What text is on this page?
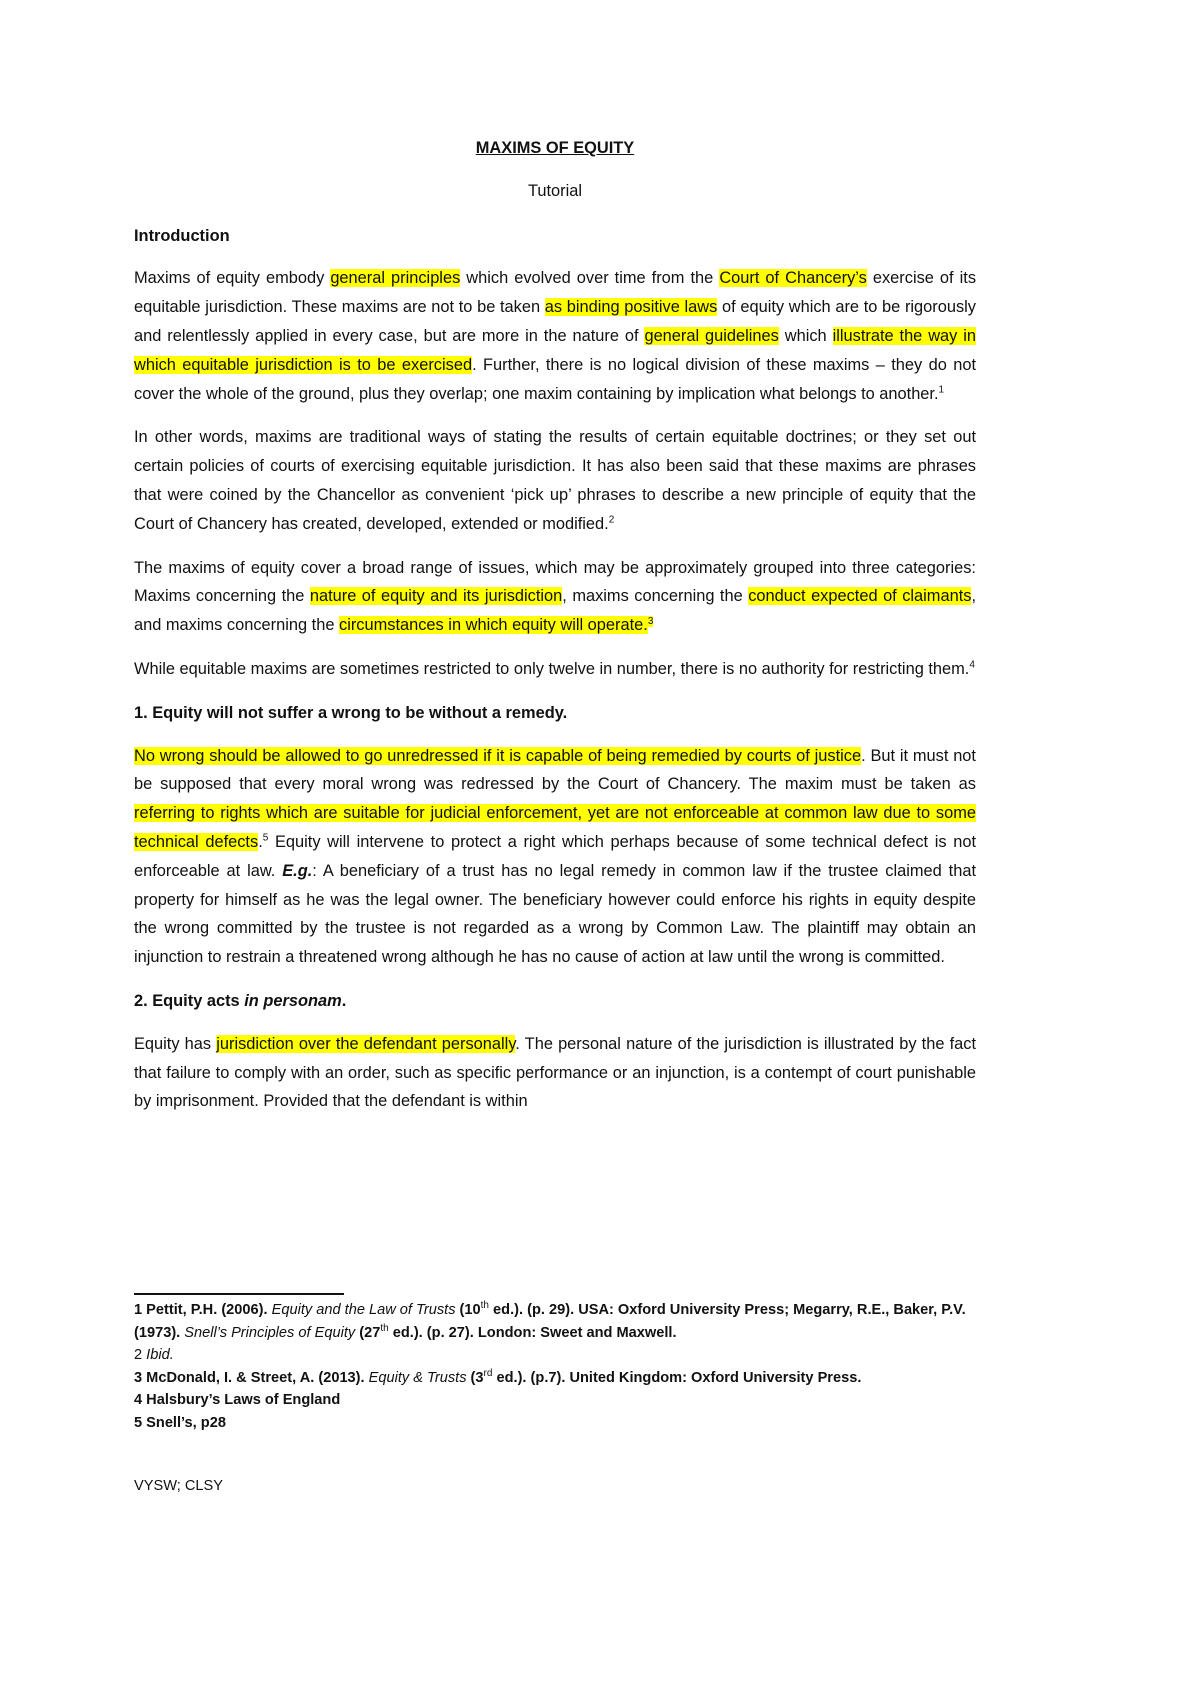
MAXIMS OF EQUITY
Tutorial
Introduction
Maxims of equity embody general principles which evolved over time from the Court of Chancery’s exercise of its equitable jurisdiction. These maxims are not to be taken as binding positive laws of equity which are to be rigorously and relentlessly applied in every case, but are more in the nature of general guidelines which illustrate the way in which equitable jurisdiction is to be exercised. Further, there is no logical division of these maxims – they do not cover the whole of the ground, plus they overlap; one maxim containing by implication what belongs to another.$^1$
In other words, maxims are traditional ways of stating the results of certain equitable doctrines; or they set out certain policies of courts of exercising equitable jurisdiction. It has also been said that these maxims are phrases that were coined by the Chancellor as convenient ‘pick up’ phrases to describe a new principle of equity that the Court of Chancery has created, developed, extended or modified.$^2$
The maxims of equity cover a broad range of issues, which may be approximately grouped into three categories: Maxims concerning the nature of equity and its jurisdiction, maxims concerning the conduct expected of claimants, and maxims concerning the circumstances in which equity will operate.$^3$
While equitable maxims are sometimes restricted to only twelve in number, there is no authority for restricting them.$^4$
1. Equity will not suffer a wrong to be without a remedy.
No wrong should be allowed to go unredressed if it is capable of being remedied by courts of justice. But it must not be supposed that every moral wrong was redressed by the Court of Chancery. The maxim must be taken as referring to rights which are suitable for judicial enforcement, yet are not enforceable at common law due to some technical defects.$^5$ Equity will intervene to protect a right which perhaps because of some technical defect is not enforceable at law. E.g.: A beneficiary of a trust has no legal remedy in common law if the trustee claimed that property for himself as he was the legal owner. The beneficiary however could enforce his rights in equity despite the wrong committed by the trustee is not regarded as a wrong by Common Law. The plaintiff may obtain an injunction to restrain a threatened wrong although he has no cause of action at law until the wrong is committed.
2. Equity acts in personam.
Equity has jurisdiction over the defendant personally. The personal nature of the jurisdiction is illustrated by the fact that failure to comply with an order, such as specific performance or an injunction, is a contempt of court punishable by imprisonment. Provided that the defendant is within
1 Pettit, P.H. (2006). Equity and the Law of Trusts (10th ed.). (p. 29). USA: Oxford University Press; Megarry, R.E., Baker, P.V. (1973). Snell’s Principles of Equity (27th ed.). (p. 27). London: Sweet and Maxwell.
2 Ibid.
3 McDonald, I. & Street, A. (2013). Equity & Trusts (3rd ed.). (p.7). United Kingdom: Oxford University Press.
4 Halsbury’s Laws of England
5 Snell’s, p28
VYSW; CLSY
